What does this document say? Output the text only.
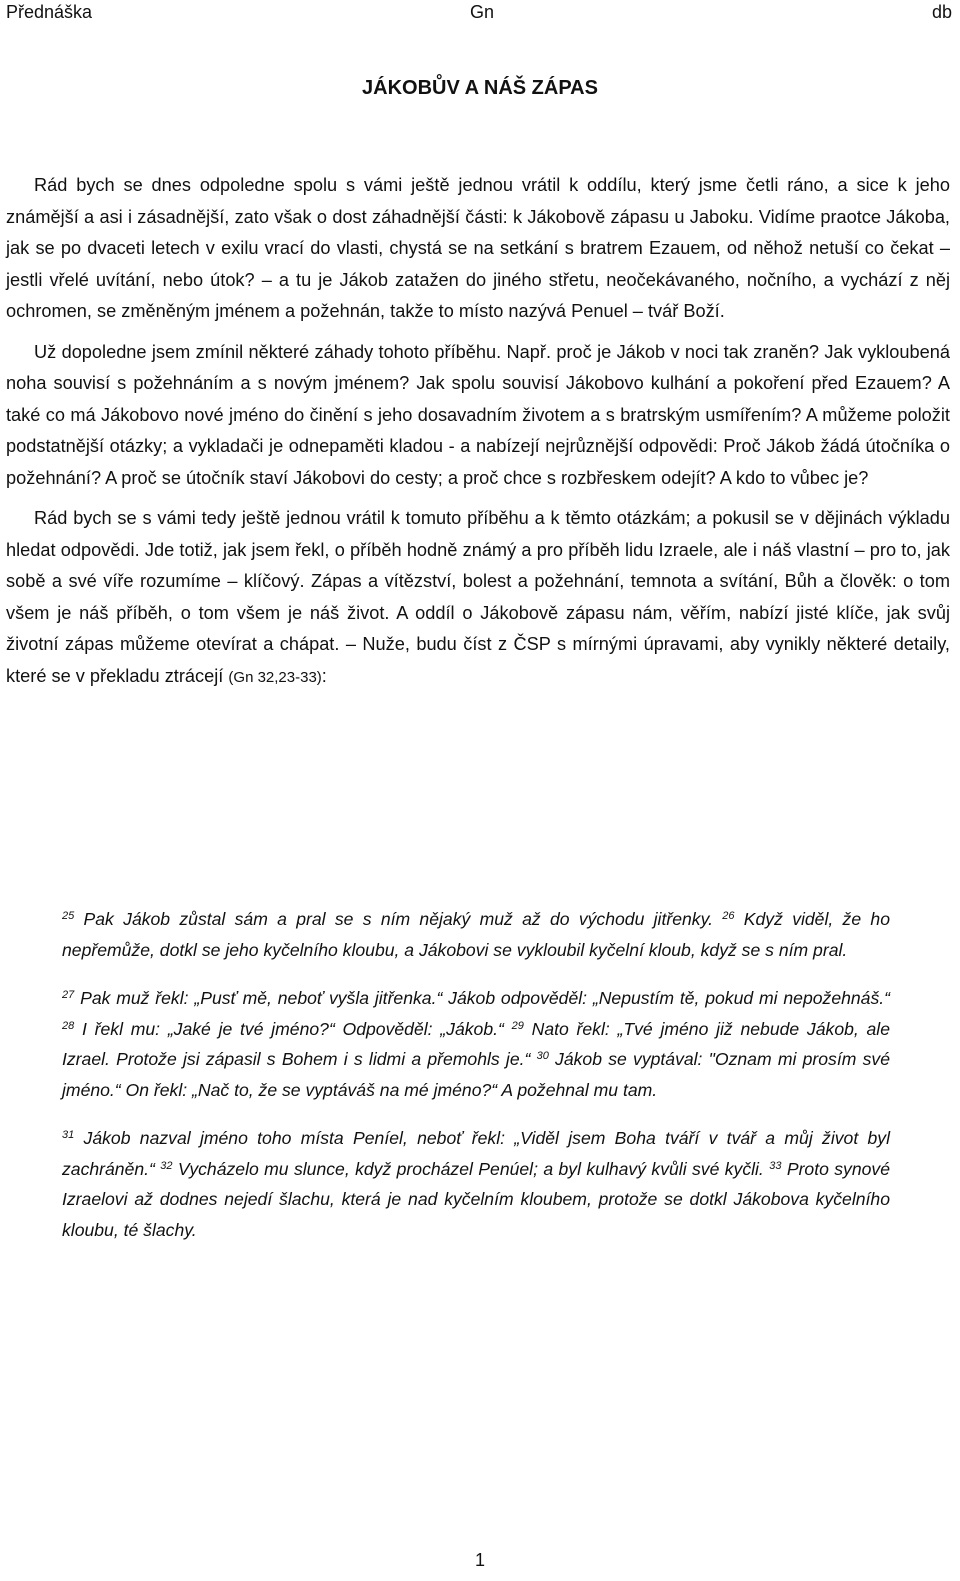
Přednáška	Gn	db
JÁKOBŮV A NÁŠ ZÁPAS

Rád bych se dnes odpoledne spolu s vámi ještě jednou vrátil k oddílu, který jsme četli ráno, a sice k jeho známější a asi i zásadnější, zato však o dost záhadnější části: k Jákobově zápasu u Jaboku. Vidíme praotce Jákoba, jak se po dvaceti letech v exilu vrací do vlasti, chystá se na setkání s bratrem Ezauem, od něhož netuší co čekat – jestli vřelé uvítání, nebo útok? – a tu je Jákob zatažen do jiného střetu, neočekávaného, nočního, a vychází z něj ochromen, se změněným jménem a požehnán, takže to místo nazývá Penuel – tvář Boží.

Už dopoledne jsem zmínil některé záhady tohoto příběhu. Např. proč je Jákob v noci tak zraněn? Jak vykloubená noha souvisí s požehnáním a s novým jménem? Jak spolu souvisí Jákobovo kulhání a pokoření před Ezauem? A také co má Jákobovo nové jméno do činění s jeho dosavadním životem a s bratrským usmířením? A můžeme položit podstatnější otázky; a vykladači je odnepaměti kladou - a nabízejí nejrůznější odpovědi: Proč Jákob žádá útočníka o požehnání? A proč se útočník staví Jákobovi do cesty; a proč chce s rozbřeskem odejít? A kdo to vůbec je?

Rád bych se s vámi tedy ještě jednou vrátil k tomuto příběhu a k těmto otázkám; a pokusil se v dějinách výkladu hledat odpovědi. Jde totiž, jak jsem řekl, o příběh hodně známý a pro příběh lidu Izraele, ale i náš vlastní – pro to, jak sobě a své víře rozumíme – klíčový. Zápas a vítězství, bolest a požehnání, temnota a svítání, Bůh a člověk: o tom všem je náš příběh, o tom všem je náš život. A oddíl o Jákobově zápasu nám, věřím, nabízí jisté klíče, jak svůj životní zápas můžeme otevírat a chápat. – Nuže, budu číst z ČSP s mírnými úpravami, aby vynikly některé detaily, které se v překladu ztrácejí (Gn 32,23-33):

$^{25}$ Pak Jákob zůstal sám a pral se s ním nějaký muž až do východu jitřenky. $^{26}$ Když viděl, že ho nepřemůže, dotkl se jeho kyčelního kloubu, a Jákobovi se vykloubil kyčelní kloub, když se s ním pral.

$^{27}$ Pak muž řekl: „Pusť mě, neboť vyšla jitřenka.“ Jákob odpověděl: „Nepustím tě, pokud mi nepožehnáš.“ $^{28}$ I řekl mu: „Jaké je tvé jméno?“ Odpověděl: „Jákob.“ $^{29}$ Nato řekl: „Tvé jméno již nebude Jákob, ale Izrael. Protože jsi zápasil s Bohem i s lidmi a přemohls je.“ $^{30}$ Jákob se vyptával: "Oznam mi prosím své jméno.“ On řekl: „Nač to, že se vyptáváš na mé jméno?“ A požehnal mu tam.

$^{31}$ Jákob nazval jméno toho místa Peníel, neboť řekl: „Viděl jsem Boha tváří v tvář a můj život byl zachráněn.“ $^{32}$ Vycházelo mu slunce, když procházel Penúel; a byl kulhavý kvůli své kyčli. $^{33}$ Proto synové Izraelovi až dodnes nejedí šlachu, která je nad kyčelním kloubem, protože se dotkl Jákobova kyčelního kloubu, té šlachy.

1
